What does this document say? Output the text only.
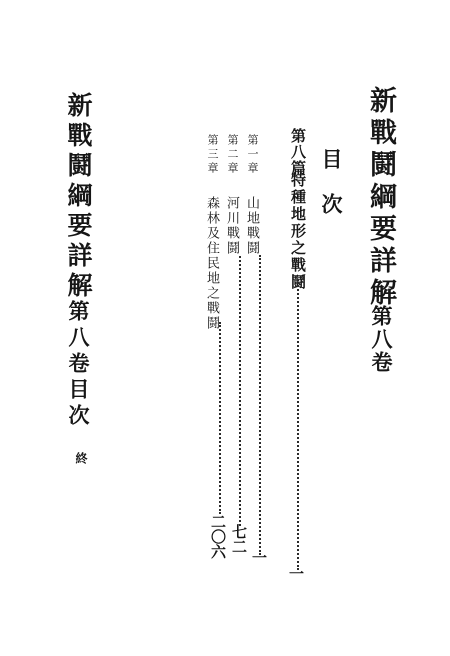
新戰鬪綱要詳解
第八卷
目次
第八篇
特種地形之戰鬪
一
第一章
山地戰鬪
一
第二章
河川戰鬪
七二
第三章
森林及住民地之戰鬪
二〇六
新戰鬪綱要詳解
第八卷目次
終
